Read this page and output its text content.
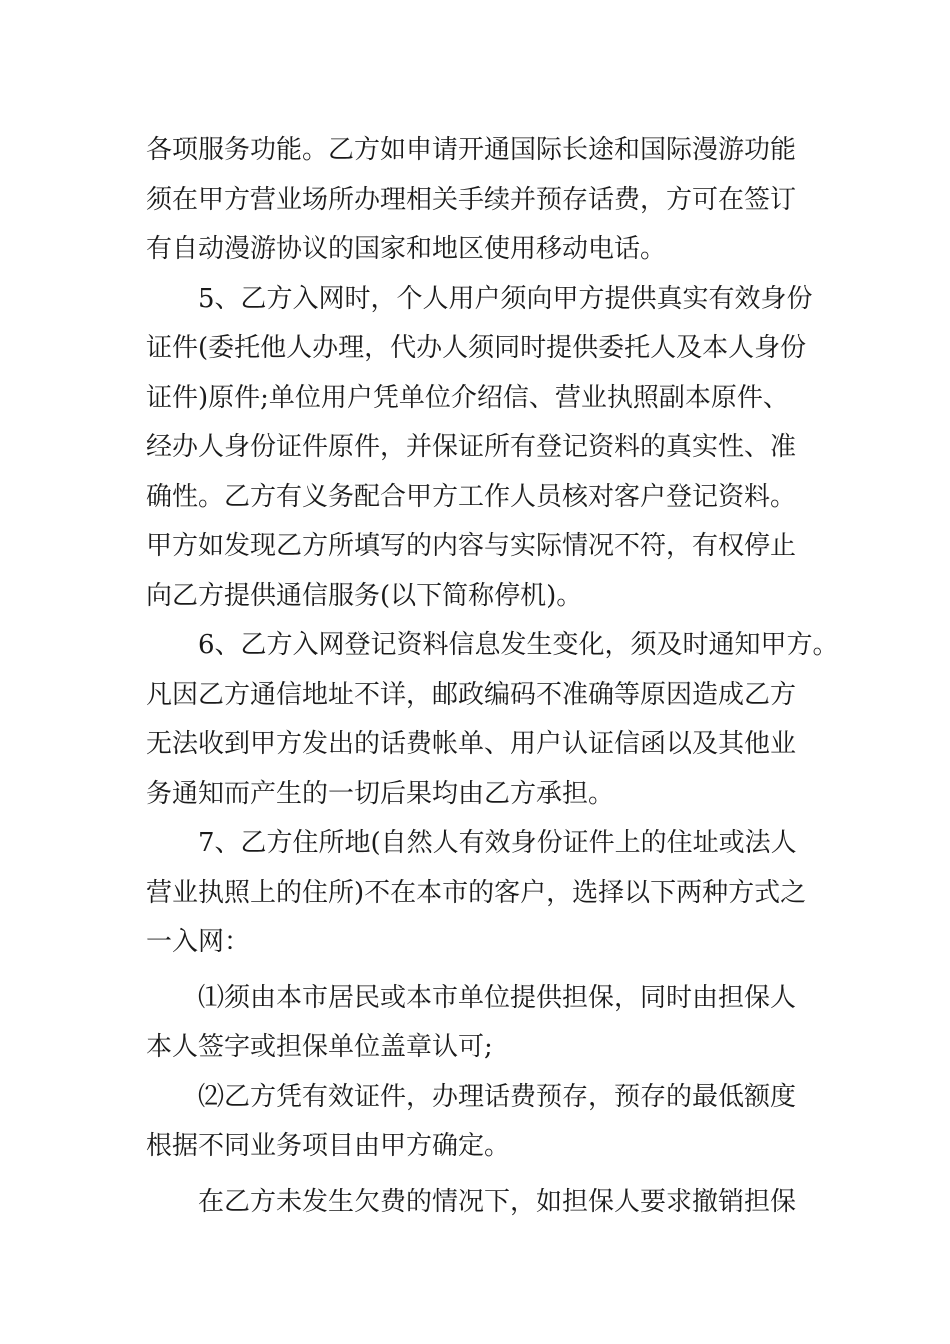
各项服务功能。乙方如申请开通国际长途和国际漫游功能
须在甲方营业场所办理相关手续并预存话费，方可在签订
有自动漫游协议的国家和地区使用移动电话。
5、乙方入网时，个人用户须向甲方提供真实有效身份
证件(委托他人办理，代办人须同时提供委托人及本人身份
证件)原件;单位用户凭单位介绍信、营业执照副本原件、
经办人身份证件原件，并保证所有登记资料的真实性、准
确性。乙方有义务配合甲方工作人员核对客户登记资料。
甲方如发现乙方所填写的内容与实际情况不符，有权停止
向乙方提供通信服务(以下简称停机)。
6、乙方入网登记资料信息发生变化，须及时通知甲方。
凡因乙方通信地址不详，邮政编码不准确等原因造成乙方
无法收到甲方发出的话费帐单、用户认证信函以及其他业
务通知而产生的一切后果均由乙方承担。
7、乙方住所地(自然人有效身份证件上的住址或法人
营业执照上的住所)不在本市的客户，选择以下两种方式之
一入网：
⑴须由本市居民或本市单位提供担保，同时由担保人
本人签字或担保单位盖章认可;
⑵乙方凭有效证件，办理话费预存，预存的最低额度
根据不同业务项目由甲方确定。
在乙方未发生欠费的情况下，如担保人要求撤销担保
